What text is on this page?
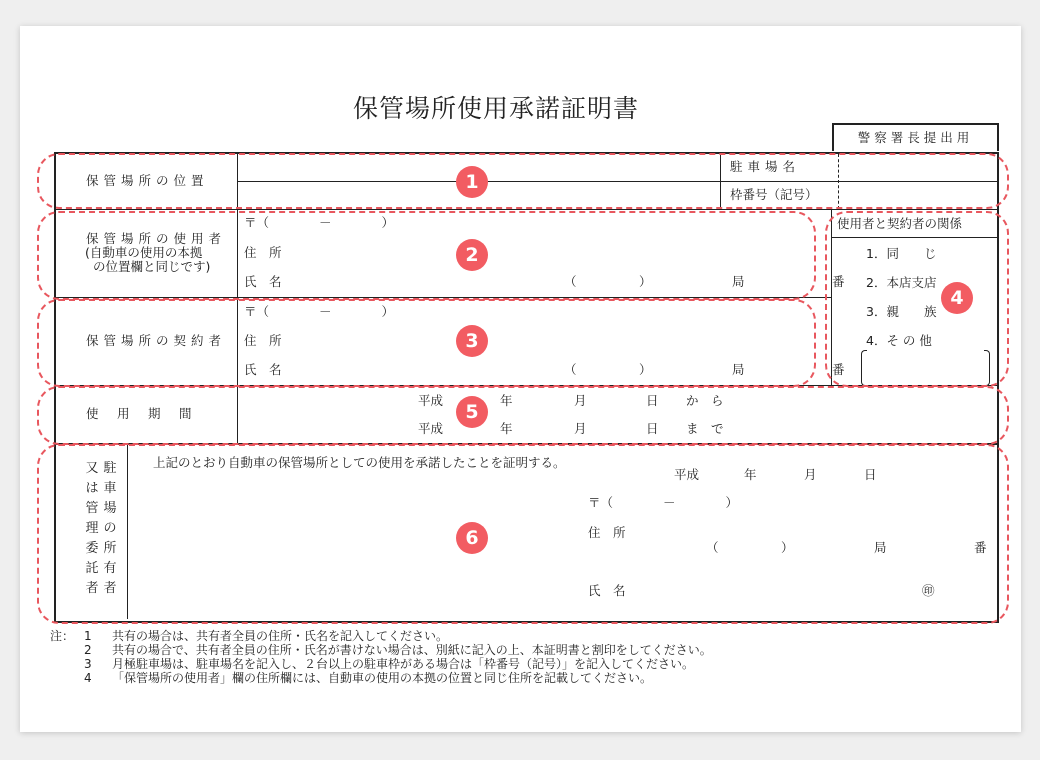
保管場所使用承諾証明書
警察署長提出用
保管場所の位置
駐車場名
枠番号（記号）
保管場所の使用者
(自動車の使用の本拠
の位置欄と同じです)
〒（　　　　－　　　　）
住　所
氏　名	（　　　　　）	局	番
保管場所の契約者
〒（　　　　－　　　　）
住　所
氏　名	（　　　　　）	局	番
使用者と契約者の関係
1．同　　じ
2．本店支店
3．親　　族
4．そ の 他
使　用　期　間
平成	年	月	日 か　ら
平成	年	月	日 ま　で
駐車場の所有者
又は管理委託者
上記のとおり自動車の保管場所としての使用を承諾したことを証明する。
平成	年	月	日
〒（　　　　－　　　　）
住　所
（　　　　　）	局	番
氏　名	㊞
注： 1 共有の場合は、共有者全員の住所・氏名を記入してください。
2 共有の場合で、共有者全員の住所・氏名が書けない場合は、別紙に記入の上、本証明書と割印をしてください。
3 月極駐車場は、駐車場名を記入し、２台以上の駐車枠がある場合は「枠番号（記号）」を記入してください。
4 「保管場所の使用者」欄の住所欄には、自動車の使用の本拠の位置と同じ住所を記載してください。
1
2
3
4
5
6
